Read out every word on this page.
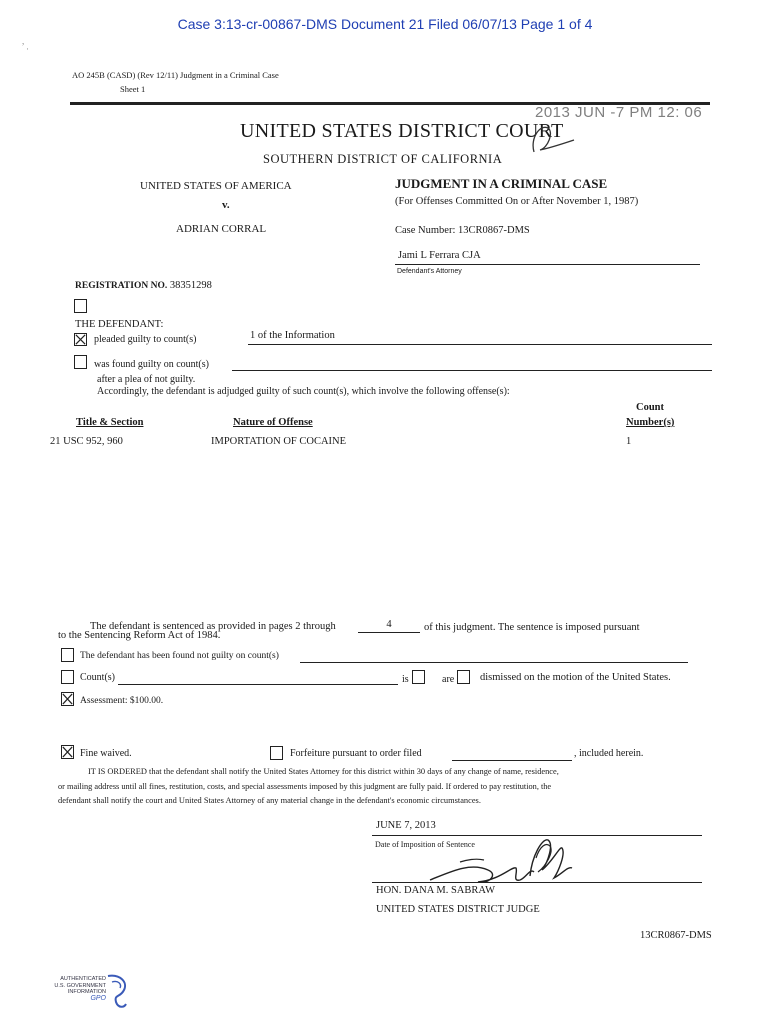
Case 3:13-cr-00867-DMS Document 21 Filed 06/07/13 Page 1 of 4
,
·
AO 245B (CASD) (Rev 12/11) Judgment in a Criminal Case
Sheet 1
2013 JUN -7 PM 12: 06
UNITED STATES DISTRICT COURT
SOUTHERN DISTRICT OF CALIFORNIA
UNITED STATES OF AMERICA
v.
ADRIAN CORRAL
JUDGMENT IN A CRIMINAL CASE
(For Offenses Committed On or After November 1, 1987)
Case Number: 13CR0867-DMS
Jami L Ferrara CJA
Defendant's Attorney
REGISTRATION NO. 38351298
THE DEFENDANT:
pleaded guilty to count(s)	1 of the Information
was found guilty on count(s)
after a plea of not guilty.
Accordingly, the defendant is adjudged guilty of such count(s), which involve the following offense(s):
Count
Title & Section	Nature of Offense	Number(s)
21 USC 952, 960	IMPORTATION OF COCAINE	1
The defendant is sentenced as provided in pages 2 through	4	of this judgment. The sentence is imposed pursuant
to the Sentencing Reform Act of 1984.
The defendant has been found not guilty on count(s)
Count(s)	is	are dismissed on the motion of the United States.
Assessment: $100.00.
Fine waived.	Forfeiture pursuant to order filed	, included herein.
IT IS ORDERED that the defendant shall notify the United States Attorney for this district within 30 days of any change of name, residence,
or mailing address until all fines, restitution, costs, and special assessments imposed by this judgment are fully paid. If ordered to pay restitution, the
defendant shall notify the court and United States Attorney of any material change in the defendant's economic circumstances.
JUNE 7, 2013
Date of Imposition of Sentence
HON. DANA M. SABRAW
UNITED STATES DISTRICT JUDGE
13CR0867-DMS
AUTHENTICATED
U.S. GOVERNMENT
INFORMATION
GPO
